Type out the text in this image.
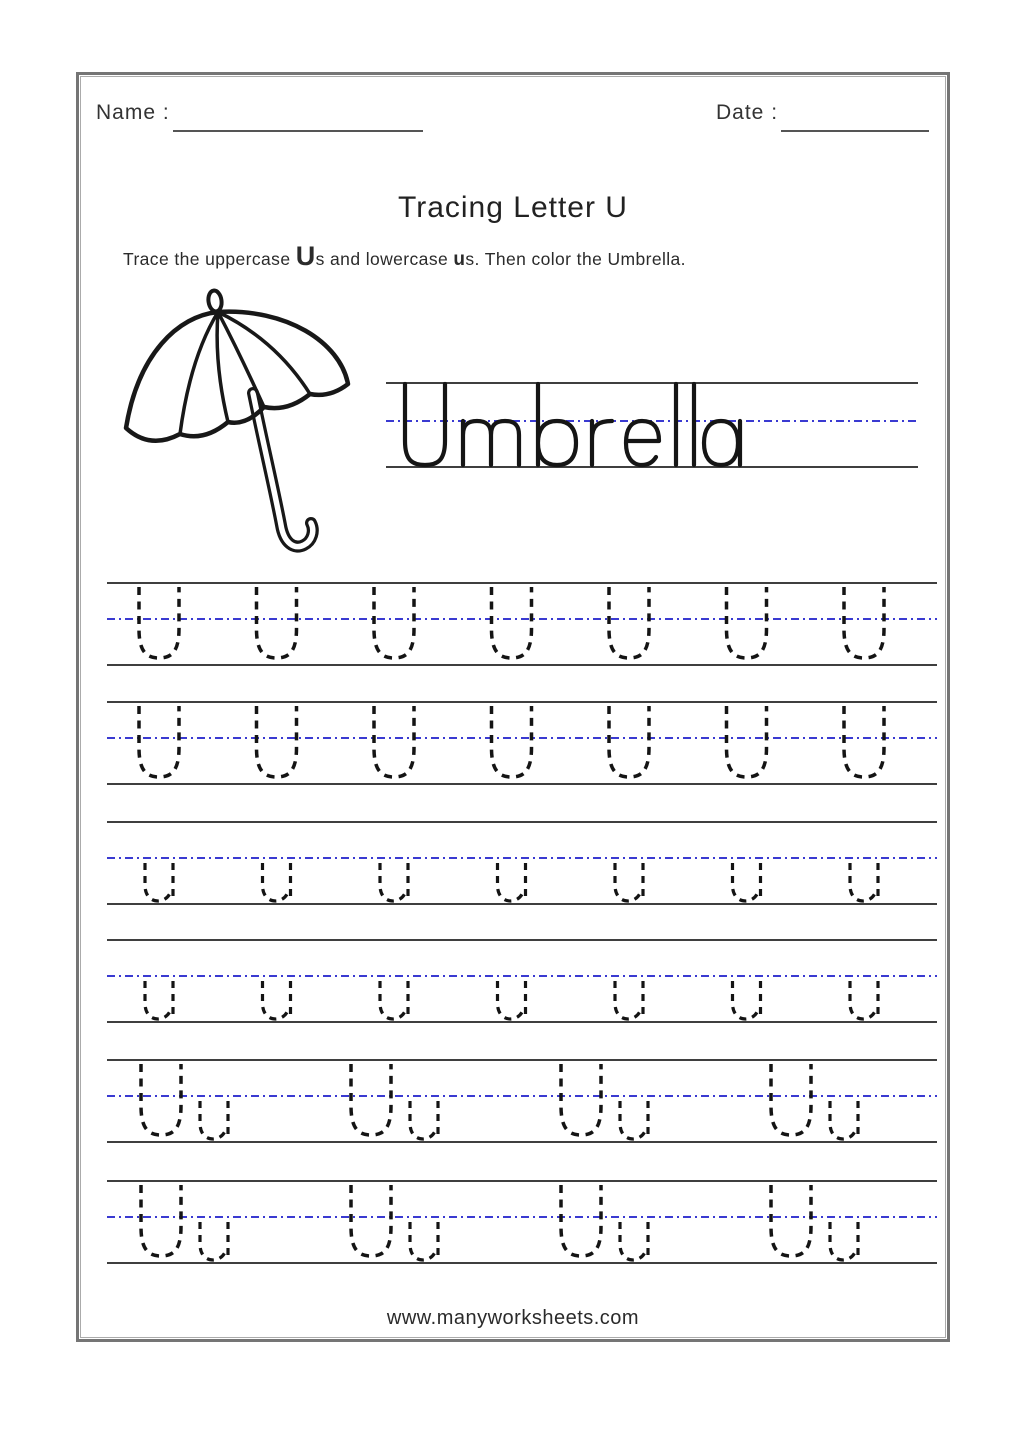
Name :	Date :
Tracing Letter U
Trace the uppercase Us and lowercase us. Then color the Umbrella.
www.manyworksheets.com
